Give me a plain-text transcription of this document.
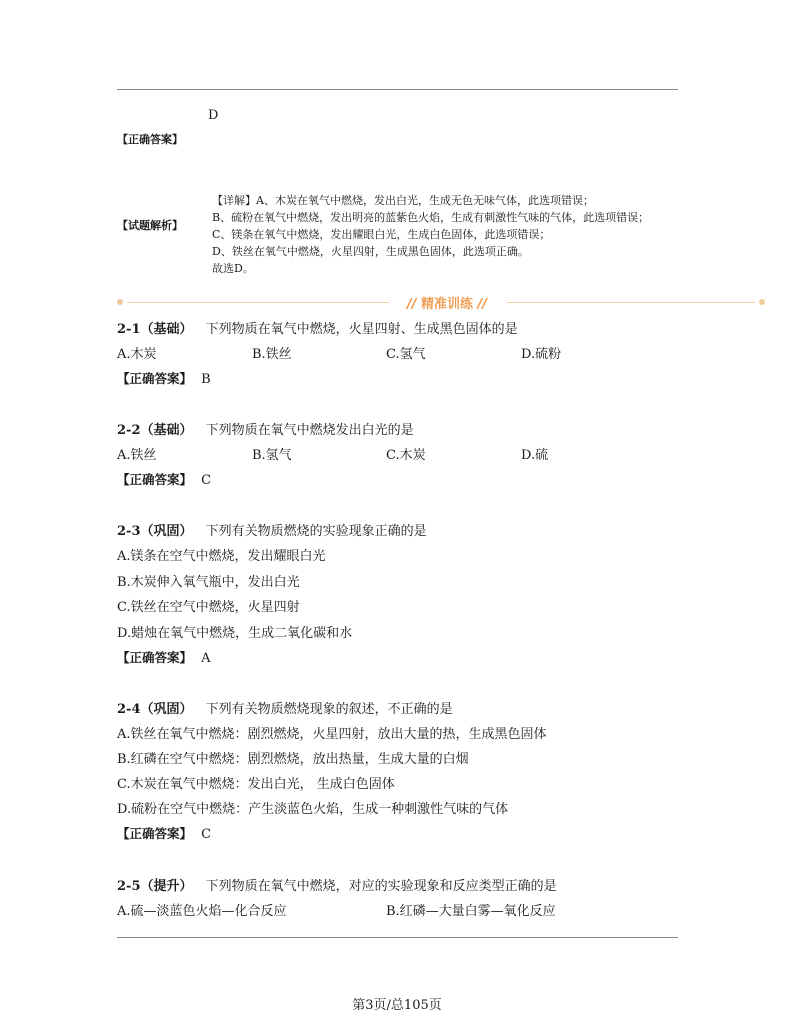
D
【正确答案】
【试题解析】
【详解】A、木炭在氧气中燃烧，发出白光，生成无色无味气体，此选项错误；
B、硫粉在氧气中燃烧，发出明亮的蓝紫色火焰，生成有刺激性气味的气体，此选项错误；
C、镁条在氧气中燃烧，发出耀眼白光，生成白色固体，此选项错误；
D、铁丝在氧气中燃烧，火星四射，生成黑色固体，此选项正确。
故选D。
// 精准训练 //
2-1（基础） 下列物质在氧气中燃烧，火星四射、生成黑色固体的是
A.木炭	B.铁丝	C.氢气	D.硫粉
【正确答案】 B
2-2（基础） 下列物质在氧气中燃烧发出白光的是
A.铁丝	B.氢气	C.木炭	D.硫
【正确答案】 C
2-3（巩固） 下列有关物质燃烧的实验现象正确的是
A.镁条在空气中燃烧，发出耀眼白光
B.木炭伸入氧气瓶中，发出白光
C.铁丝在空气中燃烧，火星四射
D.蜡烛在氧气中燃烧，生成二氧化碳和水
【正确答案】 A
2-4（巩固） 下列有关物质燃烧现象的叙述，不正确的是
A.铁丝在氧气中燃烧：剧烈燃烧，火星四射，放出大量的热，生成黑色固体
B.红磷在空气中燃烧：剧烈燃烧，放出热量，生成大量的白烟
C.木炭在氧气中燃烧：发出白光， 生成白色固体
D.硫粉在空气中燃烧：产生淡蓝色火焰，生成一种刺激性气味的气体
【正确答案】 C
2-5（提升） 下列物质在氧气中燃烧，对应的实验现象和反应类型正确的是
A.硫—淡蓝色火焰—化合反应	B.红磷—大量白雾—氧化反应
第3页/总105页
